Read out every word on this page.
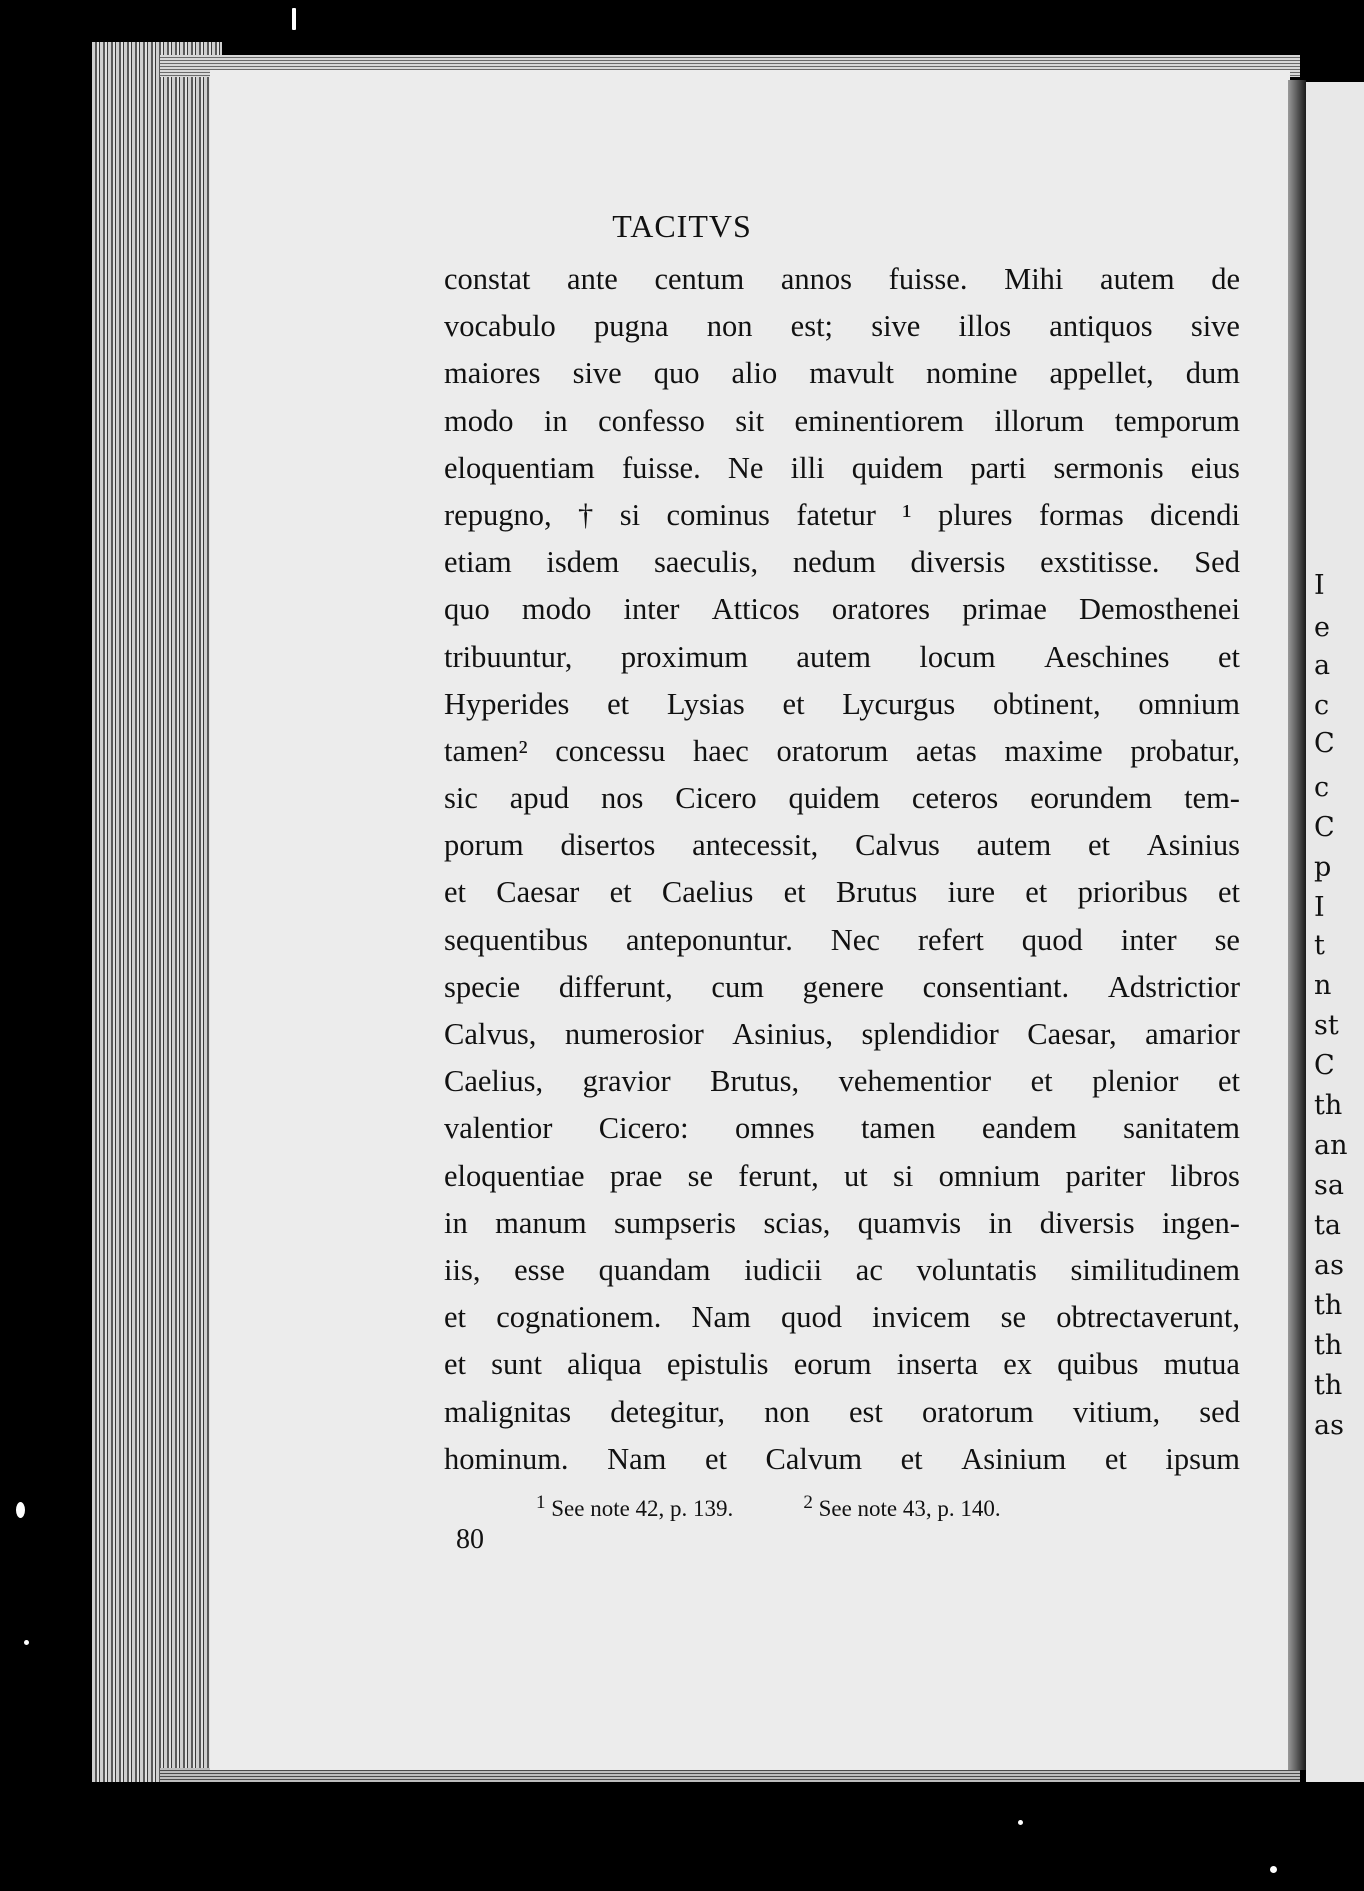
I
e
a
c
C
c
C
p
I
t
n
st
C
th
an
sa
ta
as
th
th
th
as
TACITVS
constat ante centum annos fuisse. Mihi autem de
vocabulo pugna non est; sive illos antiquos sive
maiores sive quo alio mavult nomine appellet, dum
modo in confesso sit eminentiorem illorum temporum
eloquentiam fuisse. Ne illi quidem parti sermonis eius
repugno, † si cominus fatetur ¹ plures formas dicendi
etiam isdem saeculis, nedum diversis exstitisse. Sed
quo modo inter Atticos oratores primae Demosthenei
tribuuntur, proximum autem locum Aeschines et
Hyperides et Lysias et Lycurgus obtinent, omnium
tamen² concessu haec oratorum aetas maxime probatur,
sic apud nos Cicero quidem ceteros eorundem tem-
porum disertos antecessit, Calvus autem et Asinius
et Caesar et Caelius et Brutus iure et prioribus et
sequentibus anteponuntur. Nec refert quod inter se
specie differunt, cum genere consentiant. Adstrictior
Calvus, numerosior Asinius, splendidior Caesar, amarior
Caelius, gravior Brutus, vehementior et plenior et
valentior Cicero: omnes tamen eandem sanitatem
eloquentiae prae se ferunt, ut si omnium pariter libros
in manum sumpseris scias, quamvis in diversis ingen-
iis, esse quandam iudicii ac voluntatis similitudinem
et cognationem. Nam quod invicem se obtrectaverunt,
et sunt aliqua epistulis eorum inserta ex quibus mutua
malignitas detegitur, non est oratorum vitium, sed
hominum. Nam et Calvum et Asinium et ipsum
$^1$ See note 42, p. 139.	$^2$ See note 43, p. 140.
80
